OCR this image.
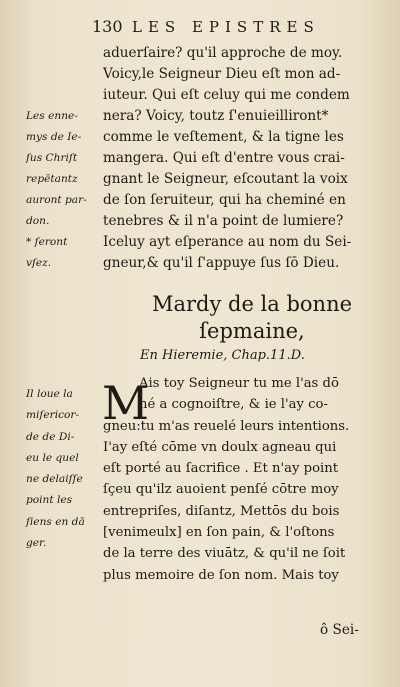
130 LES EPISTRES
aduerſaire? qu'il approche de moy.
Voicy,le Seigneur Dieu eſt mon ad-
iuteur. Qui eſt celuy qui me condem
nera? Voicy, toutz ſ'enuieilliront*
comme le veſtement, & la tigne les
mangera. Qui eſt d'entre vous crai-
gnant le Seigneur, eſcoutant la voix
de ſon ſeruiteur, qui ha cheminé en
tenebres & il n'a point de lumiere?
Iceluy ayt eſperance au nom du Sei-
gneur,& qu'il ſ'appuye ſus ſō Dieu.
Les enne-
mys de Ie-
ſus Chriſt
repētantz
auront par-
don.
* ſeront
vſez.
Mardy de la bonne
ſepmaine,
En Hieremie, Chap.11.D.
M
Ais toy Seigneur tu me l'as dō
né a cognoiſtre, & ie l'ay co-
gneu:tu m'as reuelé leurs intentions.
I'ay eſté cōme vn doulx agneau qui
eſt porté au ſacrifice . Et n'ay point
ſçeu qu'ilz auoient penſé cōtre moy
entrepriſes, diſantz, Mettōs du bois
[venimeulx] en ſon pain, & l'oſtons
de la terre des viuātz, & qu'il ne ſoit
plus memoire de ſon nom. Mais toy
Il loue la
miſericor-
de de Di-
eu le quel
ne delaiſſe
point les
ſiens en dā
ger.
ô Sei-
